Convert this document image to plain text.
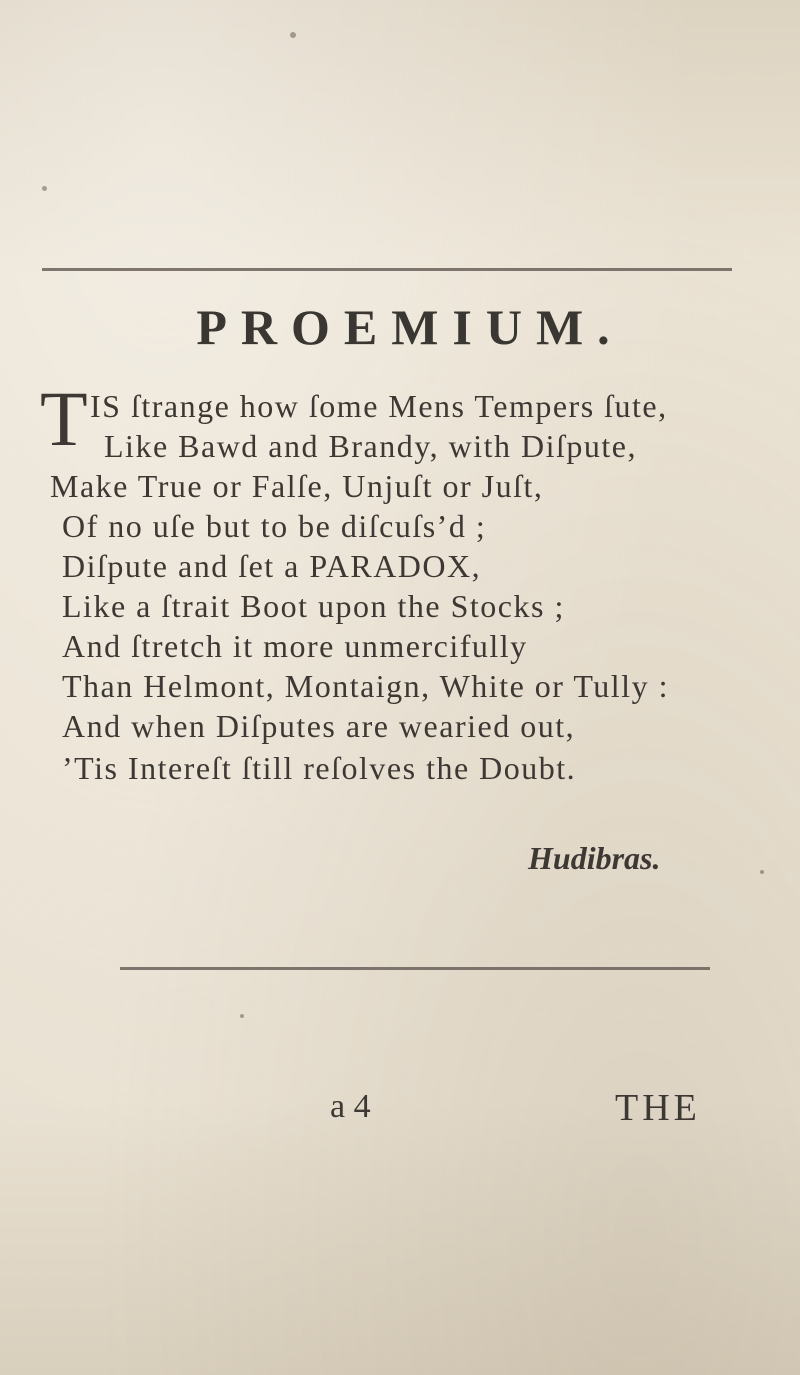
PROEMIUM.
T IS ſtrange how ſome Mens Tempers ſute,
Like Bawd and Brandy, with Diſpute,
Make True or Falſe, Unjuſt or Juſt,
Of no uſe but to be diſcuſs’d ;
Diſpute and ſet a PARADOX,
Like a ſtrait Boot upon the Stocks ;
And ſtretch it more unmercifully
Than Helmont, Montaign, White or Tully :
And when Diſputes are wearied out,
’Tis Intereſt ſtill reſolves the Doubt.
Hudibras.
a 4	THE
